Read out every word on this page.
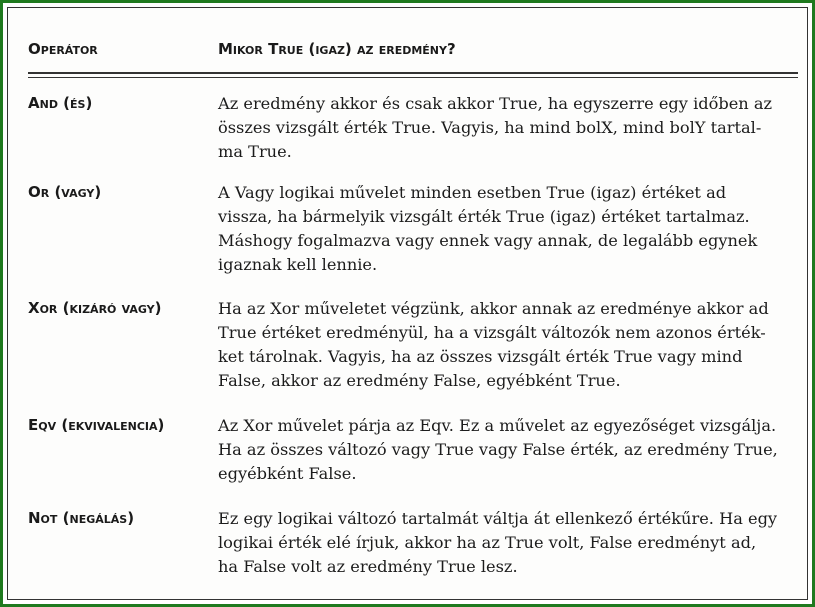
Operátor	Mikor True (igaz) az eredmény?
And (és)	Az eredmény akkor és csak akkor True, ha egyszerre egy időben az
összes vizsgált érték True. Vagyis, ha mind bolX, mind bolY tartal-
ma True.
Or (vagy)	A Vagy logikai művelet minden esetben True (igaz) értéket ad
vissza, ha bármelyik vizsgált érték True (igaz) értéket tartalmaz.
Máshogy fogalmazva vagy ennek vagy annak, de legalább egynek
igaznak kell lennie.
Xor (kizáró vagy)	Ha az Xor műveletet végzünk, akkor annak az eredménye akkor ad
True értéket eredményül, ha a vizsgált változók nem azonos érték-
ket tárolnak. Vagyis, ha az összes vizsgált érték True vagy mind
False, akkor az eredmény False, egyébként True.
Eqv (ekvivalencia)	Az Xor művelet párja az Eqv. Ez a művelet az egyezőséget vizsgálja.
Ha az összes változó vagy True vagy False érték, az eredmény True,
egyébként False.
Not (negálás)	Ez egy logikai változó tartalmát váltja át ellenkező értékűre. Ha egy
logikai érték elé írjuk, akkor ha az True volt, False eredményt ad,
ha False volt az eredmény True lesz.
